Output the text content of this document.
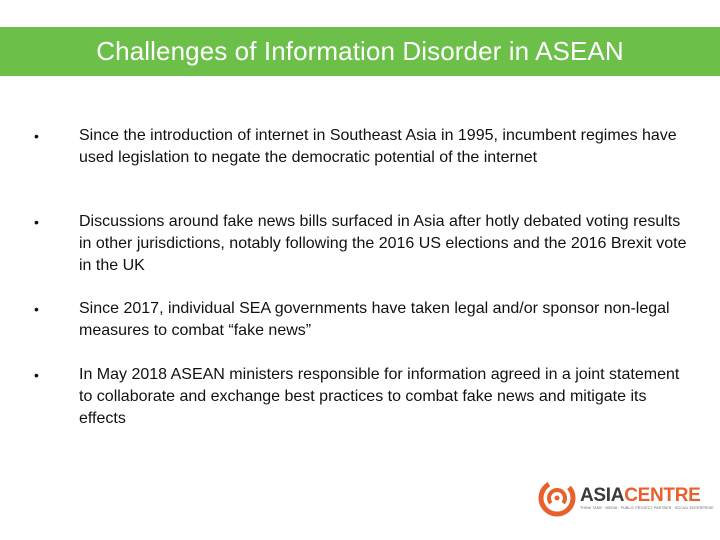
Challenges of Information Disorder in ASEAN
•	Since the introduction of internet in Southeast Asia in 1995, incumbent regimes have used legislation to negate the democratic potential of the internet
•	Discussions around fake news bills surfaced in Asia after hotly debated voting results in other jurisdictions, notably following the 2016 US elections and the 2016 Brexit vote in the UK
•	Since 2017, individual SEA governments have taken legal and/or sponsor non-legal measures to combat “fake news”
•	In May 2018 ASEAN ministers responsible for information agreed in a joint statement to collaborate and exchange best practices to combat fake news and mitigate its effects
ASIACENTRE
THINK TANK · MEDIA · PUBLIC PROJECT PARTNER · SOCIAL ENTERPRISE
